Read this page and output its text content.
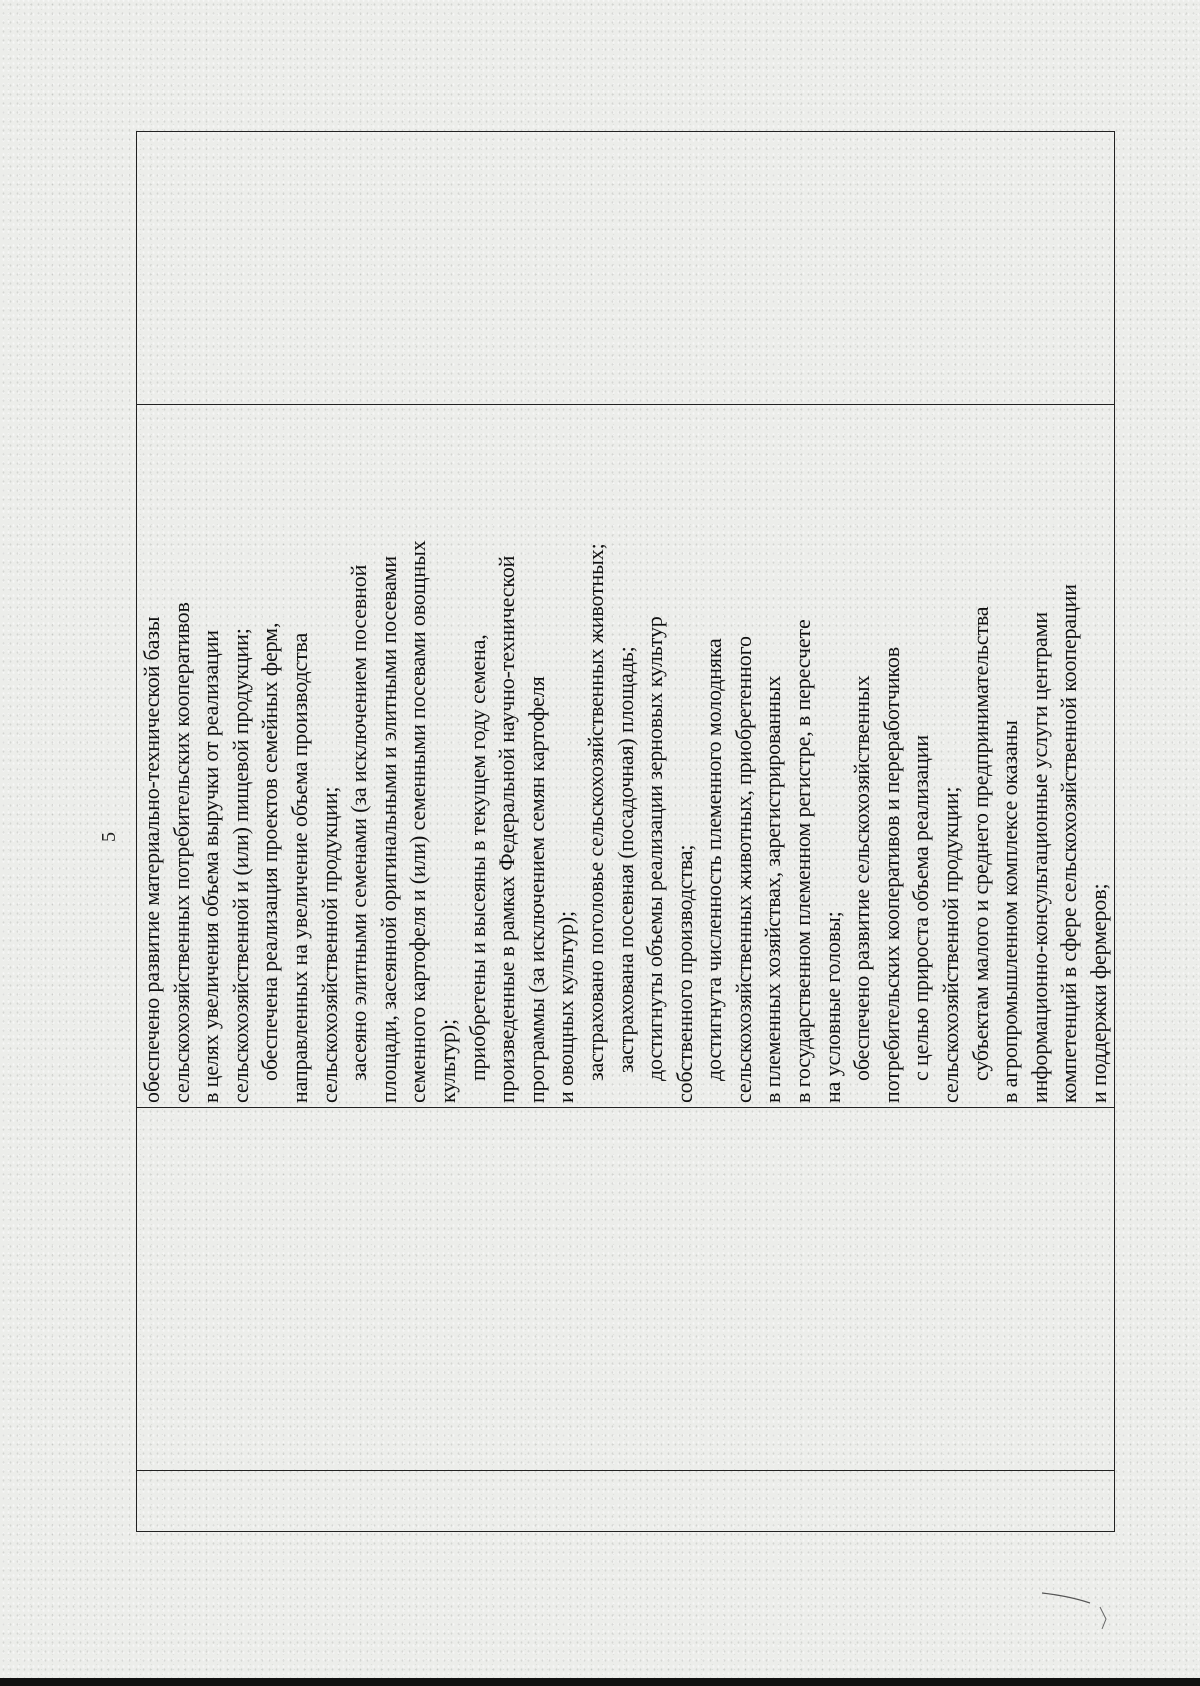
5
		обеспечено развитие материально-технической базы сельскохозяйственных потребительских кооперативов в целях увеличения объема выручки от реализации сельскохозяйственной и (или) пищевой продукции; обеспечена реализация проектов семейных ферм, направленных на увеличение объема производства сельскохозяйственной продукции; засеяно элитными семенами (за исключением посевной площади, засеянной оригинальными и элитными посевами семенного картофеля и (или) семенными посевами овощных культур); приобретены и высеяны в текущем году семена, произведенные в рамках Федеральной научно-технической программы (за исключением семян картофеля и овощных культур); застраховано поголовье сельскохозяйственных животных; застрахована посевная (посадочная) площадь; достигнуты объемы реализации зерновых культур собственного производства; достигнута численность племенного молодняка сельскохозяйственных животных, приобретенного в племенных хозяйствах, зарегистрированных в государственном племенном регистре, в пересчете на условные головы; обеспечено развитие сельскохозяйственных потребительских кооперативов и переработчиков с целью прироста объема реализации сельскохозяйственной продукции; субъектам малого и среднего предпринимательства в агропромышленном комплексе оказаны информационно-консультационные услуги центрами компетенций в сфере сельскохозяйственной кооперации и поддержки фермеров;
